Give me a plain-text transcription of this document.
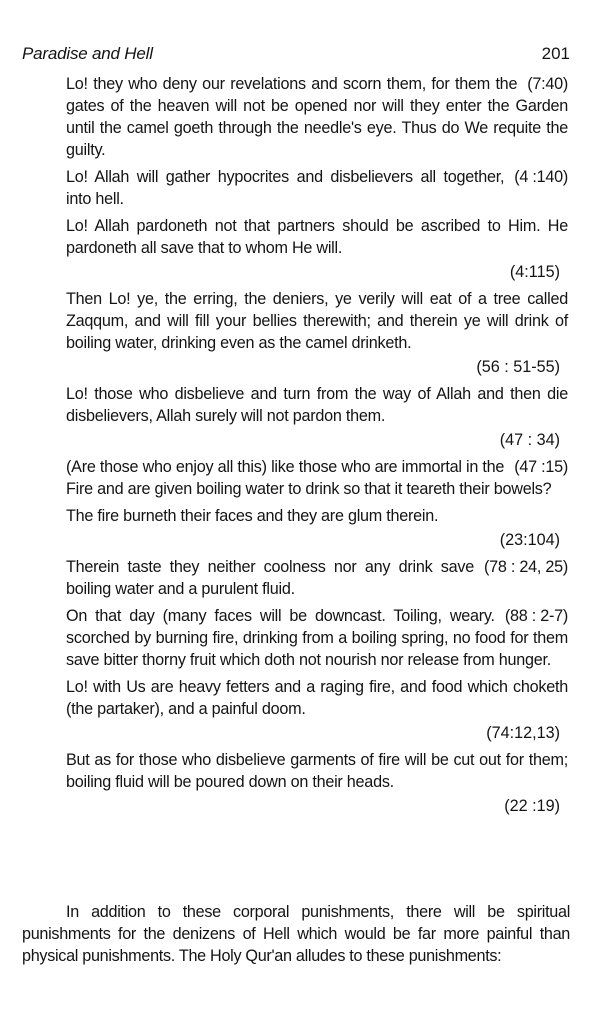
Paradise and Hell	201

(7:40)
Lo! they who deny our revelations and scorn them, for them the gates of the heaven will not be opened nor will they enter the Garden until the camel goeth through the needle's eye. Thus do We requite the guilty.

(4 :140)
Lo! Allah will gather hypocrites and disbelievers all together, into hell.

Lo! Allah pardoneth not that partners should be ascribed to Him. He pardoneth all save that to whom He will.

(4:115)

Then Lo! ye, the erring, the deniers, ye verily will eat of a tree called Zaqqum, and will fill your bellies therewith; and therein ye will drink of boiling water, drinking even as the camel drinketh.

(56 : 51-55)

Lo! those who disbelieve and turn from the way of Allah and then die disbelievers, Allah surely will not pardon them.

(47 : 34)

(47 :15)
(Are those who enjoy all this) like those who are immortal in the Fire and are given boiling water to drink so that it teareth their bowels?

The fire burneth their faces and they are glum therein.

(23:104)

(78 : 24, 25)
Therein taste they neither coolness nor any drink save boiling water and a purulent fluid.

(88 : 2-7)
On that day (many faces will be downcast. Toiling, weary. scorched by burning fire, drinking from a boiling spring, no food for them save bitter thorny fruit which doth not nourish nor release from hunger.

Lo! with Us are heavy fetters and a raging fire, and food which choketh (the partaker), and a painful doom.

(74:12,13)

But as for those who disbelieve garments of fire will be cut out for them; boiling fluid will be poured down on their heads.

(22 :19)

In addition to these corporal punishments, there will be spiritual punishments for the denizens of Hell which would be far more painful than physical punishments. The Holy Qur'an alludes to these punishments:
